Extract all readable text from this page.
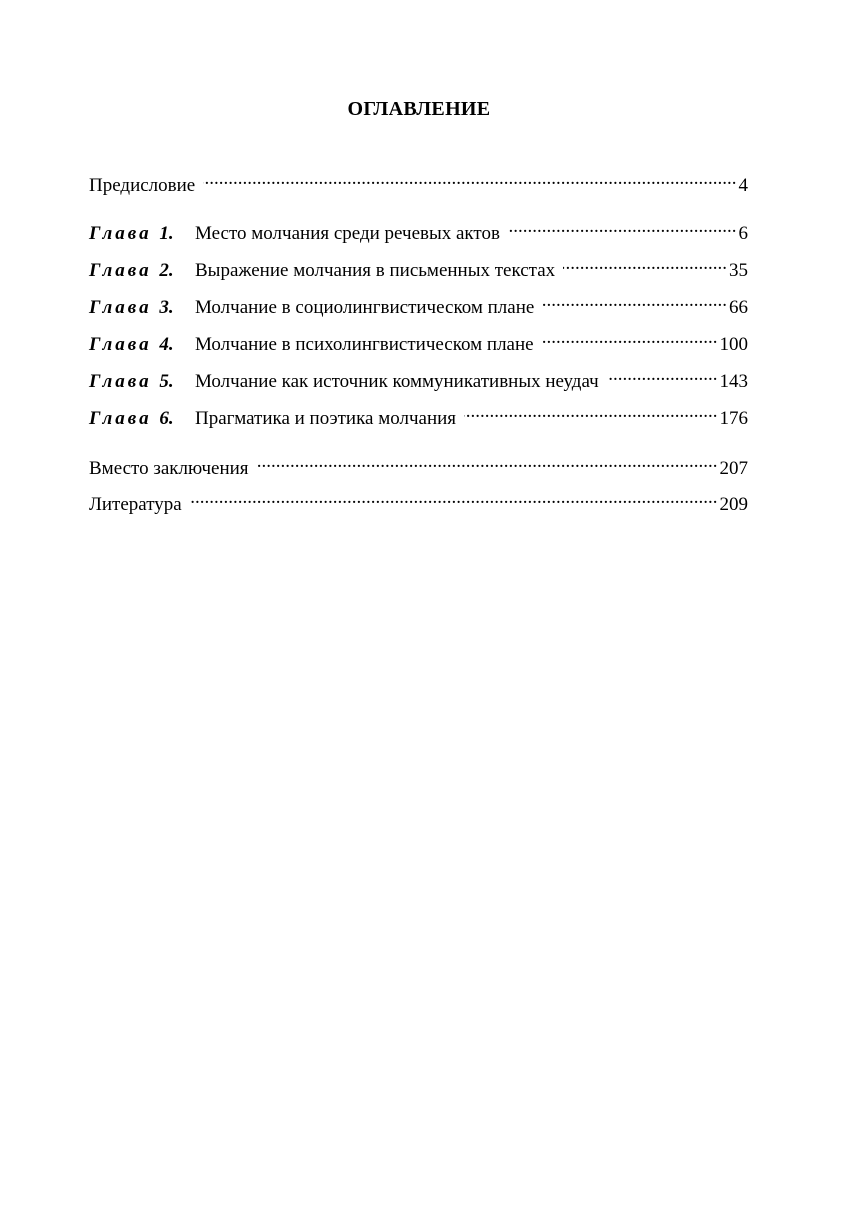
ОГЛАВЛЕНИЕ
Предисловие .....	4
Глава 1.	Место молчания среди речевых актов .....	6
Глава 2.	Выражение молчания в письменных текстах .....	35
Глава 3.	Молчание в социолингвистическом плане .....	66
Глава 4.	Молчание в психолингвистическом плане .....	100
Глава 5.	Молчание как источник коммуникативных неудач .....	143
Глава 6.	Прагматика и поэтика молчания .....	176
Вместо заключения .....	207
Литература .....	209
